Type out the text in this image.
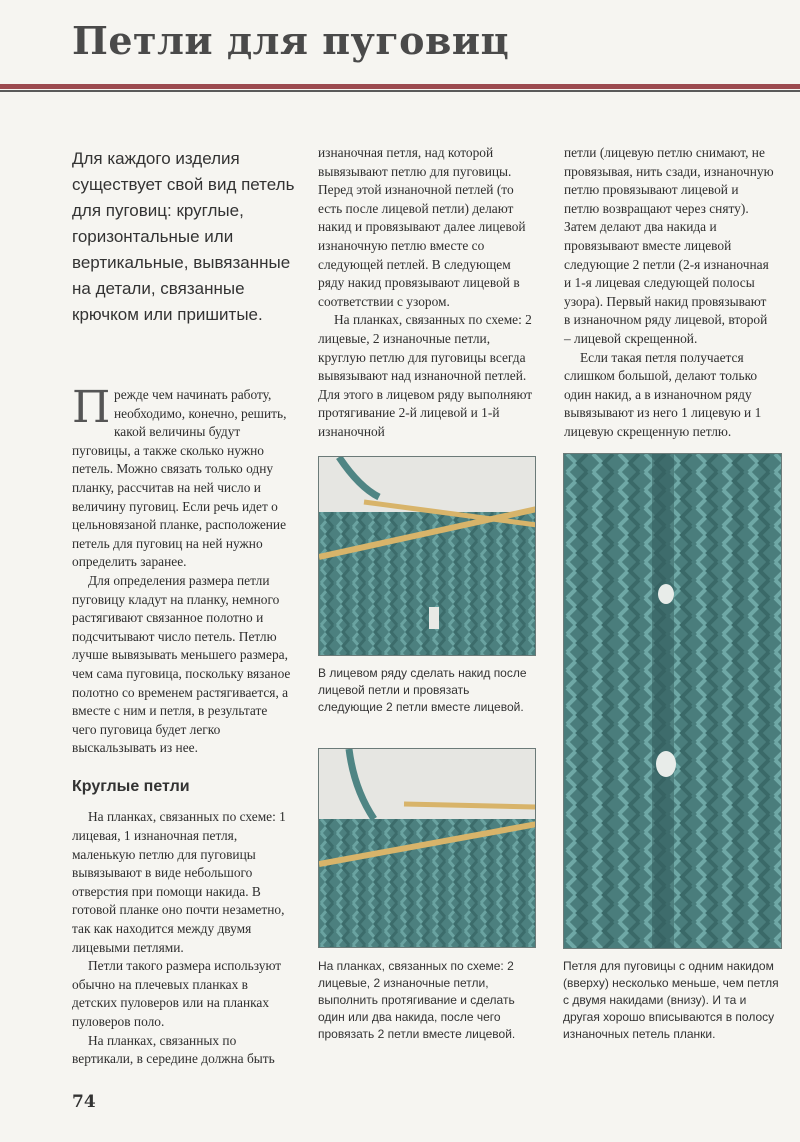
Петли для пуговиц
Для каждого изделия существует свой вид петель для пуговиц: круглые, горизонтальные или вертикальные, вывязанные на детали, связанные крючком или пришитые.

Прежде чем начинать работу, необходимо, конечно, решить, какой величины будут пуговицы, а также сколько нужно петель. Можно связать только одну планку, рассчитав на ней число и величину пуговиц. Если речь идет о цельновязаной планке, расположение петель для пуговиц на ней нужно определить заранее.

Для определения размера петли пуговицу кладут на планку, немного растягивают связанное полотно и подсчитывают число петель. Петлю лучше вывязывать меньшего размера, чем сама пуговица, поскольку вязаное полотно со временем растягивается, а вместе с ним и петля, в результате чего пуговица будет легко выскальзывать из нее.

Круглые петли

На планках, связанных по схеме: 1 лицевая, 1 изнаночная петля, маленькую петлю для пуговицы вывязывают в виде небольшого отверстия при помощи накида. В готовой планке оно почти незаметно, так как находится между двумя лицевыми петлями.

Петли такого размера используют обычно на плечевых планках в детских пуловеров или на планках пуловеров поло.

На планках, связанных по вертикали, в середине должна быть

изнаночная петля, над которой вывязывают петлю для пуговицы. Перед этой изнаночной петлей (то есть после лицевой петли) делают накид и провязывают далее лицевой изнаночную петлю вместе со следующей петлей. В следующем ряду накид провязывают лицевой в соответствии с узором.

На планках, связанных по схеме: 2 лицевые, 2 изнаночные петли, круглую петлю для пуговицы всегда вывязывают над изнаночной петлей. Для этого в лицевом ряду выполняют протягивание 2-й лицевой и 1-й изнаночной

петли (лицевую петлю снимают, не провязывая, нить сзади, изнаночную петлю провязывают лицевой и петлю возвращают через сняту). Затем делают два накида и провязывают вместе лицевой следующие 2 петли (2-я изнаночная и 1-я лицевая следующей полосы узора). Первый накид провязывают в изнаночном ряду лицевой, второй – лицевой скрещенной.

Если такая петля получается слишком большой, делают только один накид, а в изнаночном ряду вывязывают из него 1 лицевую и 1 лицевую скрещенную петлю.

В лицевом ряду сделать накид после лицевой петли и провязать следующие 2 петли вместе лицевой.
На планках, связанных по схеме: 2 лицевые, 2 изнаночные петли, выполнить протягивание и сделать один или два накида, после чего провязать 2 петли вместе лицевой.
Петля для пуговицы с одним накидом (вверху) несколько меньше, чем петля с двумя накидами (внизу). И та и другая хорошо вписываются в полосу изнаночных петель планки.
74
